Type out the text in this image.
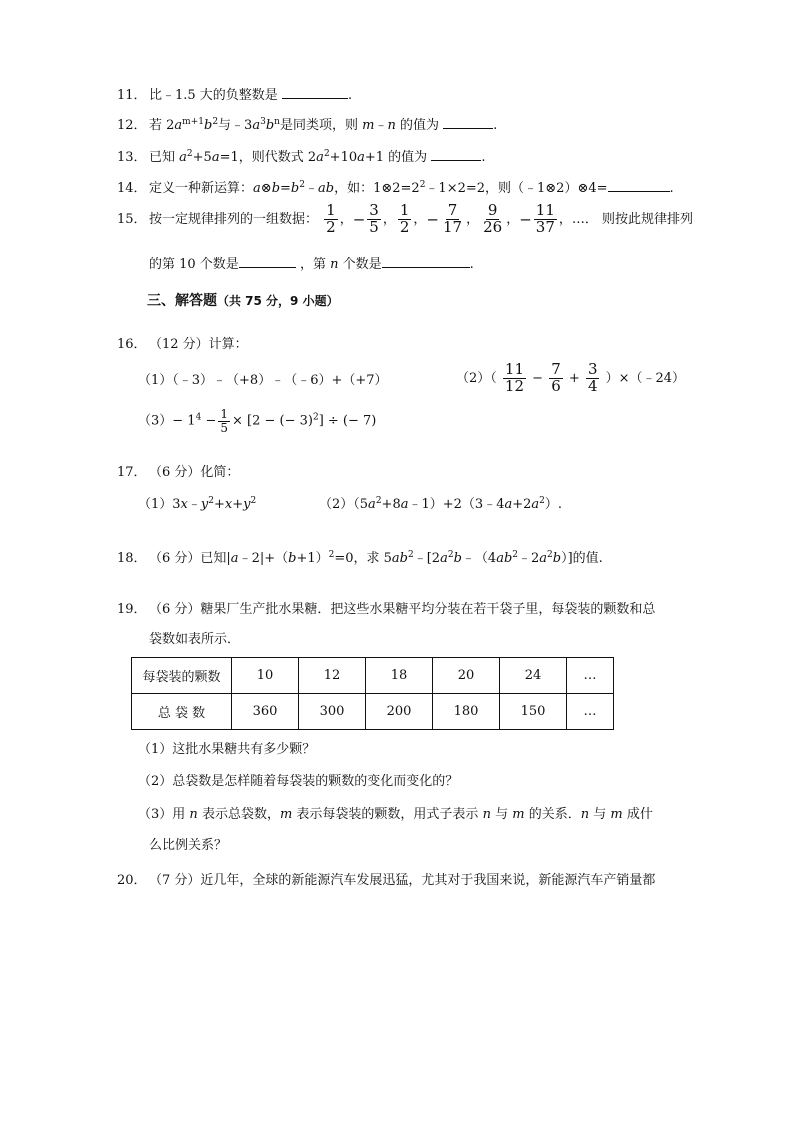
11． 比﹣1.5 大的负整数是	.
12． 若 $2a^{m+1}b^2$与$﹣3a^3b^n$是同类项，则 m﹣n 的值为	.
13． 已知 $a^2+5a=1$，则代数式 $2a^2+10a+1$ 的值为	.
14． 定义一种新运算：$a\otimes b=b^2﹣ab$，如：$1\otimes 2=2^2﹣1\times 2=2$，则（﹣1⊗2）⊗4=	.
15． 按一定规律排列的一组数据： $\frac{1}{2}$ ，− $\frac{3}{5}$ ， $\frac{1}{2}$ ，− $\frac{7}{17}$ ， $\frac{9}{26}$ ，− $\frac{11}{37}$ ，…． 则按此规律排列
的第 10 个数是	，第 n 个数是	.
三、解答题（共 75 分，9 小题）
16． （12 分）计算：
（1）（﹣3）﹣（+8）﹣（﹣6）+（+7）	$(2)( \frac{11}{12} - \frac{7}{6} + \frac{3}{4}$ ）×（﹣24）
$(3)- 1^4 - \frac{1}{5} \times [2$ − (− 3)$^2$] ÷ (− 7)
17． （6 分）化简：
$(1)3x﹣y^2+x+y^2$	$(2)(5a^2+8a﹣1)+2(3﹣4a+2a^2)$.
18． （6 分）已知$|a﹣2|+(b+1)^2=0$，求 $5ab^2﹣[2a^2b﹣(4ab^2﹣2a^2b)]$的值.
19． （6 分）糖果厂生产批水果糖．把这些水果糖平均分装在若干袋子里，每袋装的颗数和总
袋数如表所示．
每袋装的颗数	10	12	18	20	24	…
总 袋 数	360	300	200	180	150	…
（1）这批水果糖共有多少颗？
（2）总袋数是怎样随着每袋装的颗数的变化而变化的？
（3）用 n 表示总袋数，m 表示每袋装的颗数，用式子表示 n 与 m 的关系．n 与 m 成什
么比例关系？
20． （7 分）近几年，全球的新能源汽车发展迅猛，尤其对于我国来说，新能源汽车产销量都
